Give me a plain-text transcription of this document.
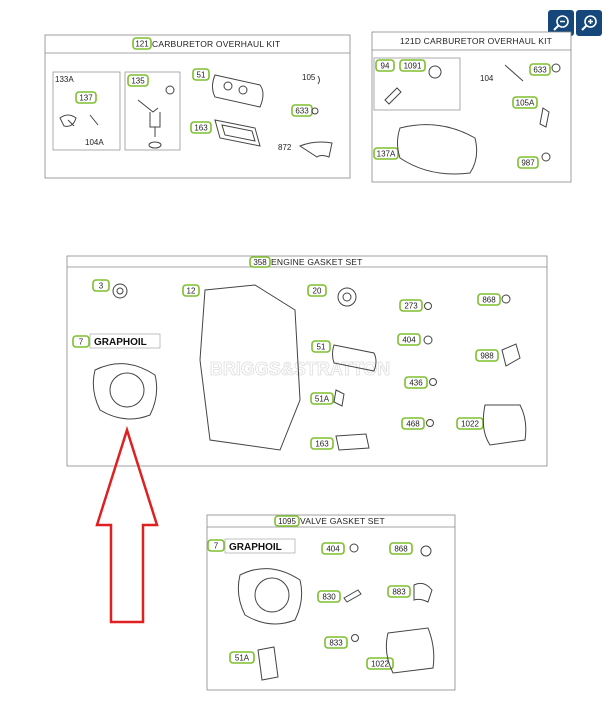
121 CARBURETOR OVERHAUL KIT
133A
137
104A
135
51
163
105
633
872
121D CARBURETOR OVERHAUL KIT
94 1091
104
633
105A
137A
987
358 ENGINE GASKET SET
BRIGGS&STRATTON
3
7 GRAPHOIL
12	20
273
868
51
404
988
51A
436
163
468	1022
1095 VALVE GASKET SET
7 GRAPHOIL	404	868
830
883
833
51A
1022
